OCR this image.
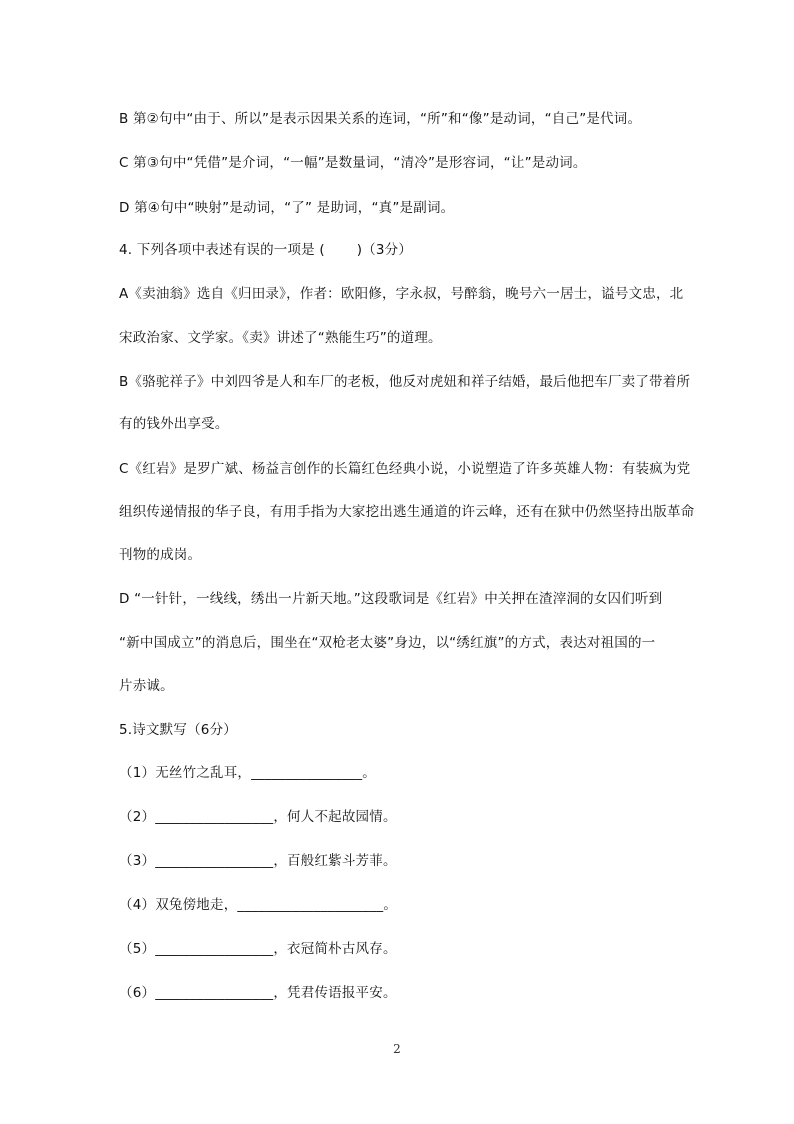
B 第②句中“由于、所以”是表示因果关系的连词，“所”和“像”是动词，“自己”是代词。
C 第③句中“凭借”是介词，“一幅”是数量词，“清冷”是形容词，“让”是动词。
D 第④句中“映射”是动词，“了” 是助词，“真”是副词。
4. 下列各项中表述有误的一项是 (　　 )（3分）
A《卖油翁》选自《归田录》，作者：欧阳修，字永叔，号醉翁，晚号六一居士，谥号文忠，北
宋政治家、文学家。《卖》讲述了“熟能生巧”的道理。
B《骆驼祥子》中刘四爷是人和车厂的老板，他反对虎妞和祥子结婚，最后他把车厂卖了带着所
有的钱外出享受。
C《红岩》是罗广斌、杨益言创作的长篇红色经典小说，小说塑造了许多英雄人物：有装疯为党
组织传递情报的华子良，有用手指为大家挖出逃生通道的许云峰，还有在狱中仍然坚持出版革命
刊物的成岗。
D “一针针，一线线，绣出一片新天地。”这段歌词是《红岩》中关押在渣滓洞的女囚们听到
“新中国成立”的消息后，围坐在“双枪老太婆”身边，以“绣红旗”的方式，表达对祖国的一
片赤诚。
5.诗文默写（6分）
（1）无丝竹之乱耳，________________。
（2）_________________，何人不起故园情。
（3）_________________，百般红紫斗芳菲。
（4）双兔傍地走，_____________________。
（5）_________________，衣冠简朴古风存。
（6）_________________，凭君传语报平安。
2
